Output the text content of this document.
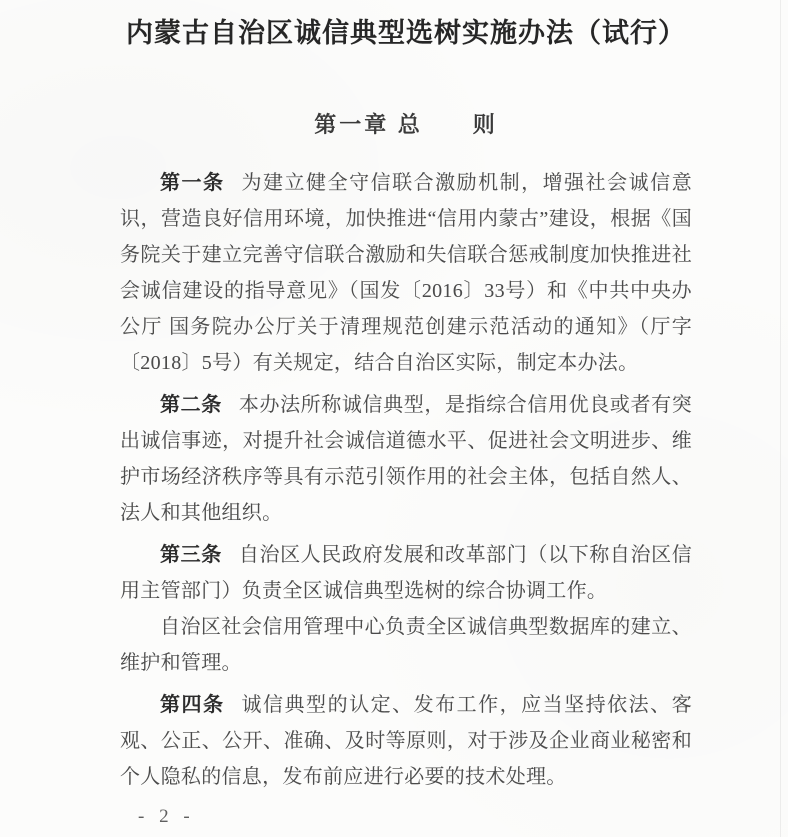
内蒙古自治区诚信典型选树实施办法（试行）
第一章 总　　则

第一条 为建立健全守信联合激励机制，增强社会诚信意识，营造良好信用环境，加快推进“信用内蒙古”建设，根据《国务院关于建立完善守信联合激励和失信联合惩戒制度加快推进社会诚信建设的指导意见》（国发〔2016〕33号）和《中共中央办公厅 国务院办公厅关于清理规范创建示范活动的通知》（厅字〔2018〕5号）有关规定，结合自治区实际，制定本办法。

第二条 本办法所称诚信典型，是指综合信用优良或者有突出诚信事迹，对提升社会诚信道德水平、促进社会文明进步、维护市场经济秩序等具有示范引领作用的社会主体，包括自然人、法人和其他组织。

第三条 自治区人民政府发展和改革部门（以下称自治区信用主管部门）负责全区诚信典型选树的综合协调工作。

自治区社会信用管理中心负责全区诚信典型数据库的建立、维护和管理。

第四条 诚信典型的认定、发布工作，应当坚持依法、客观、公正、公开、准确、及时等原则，对于涉及企业商业秘密和个人隐私的信息，发布前应进行必要的技术处理。

- 2 -
